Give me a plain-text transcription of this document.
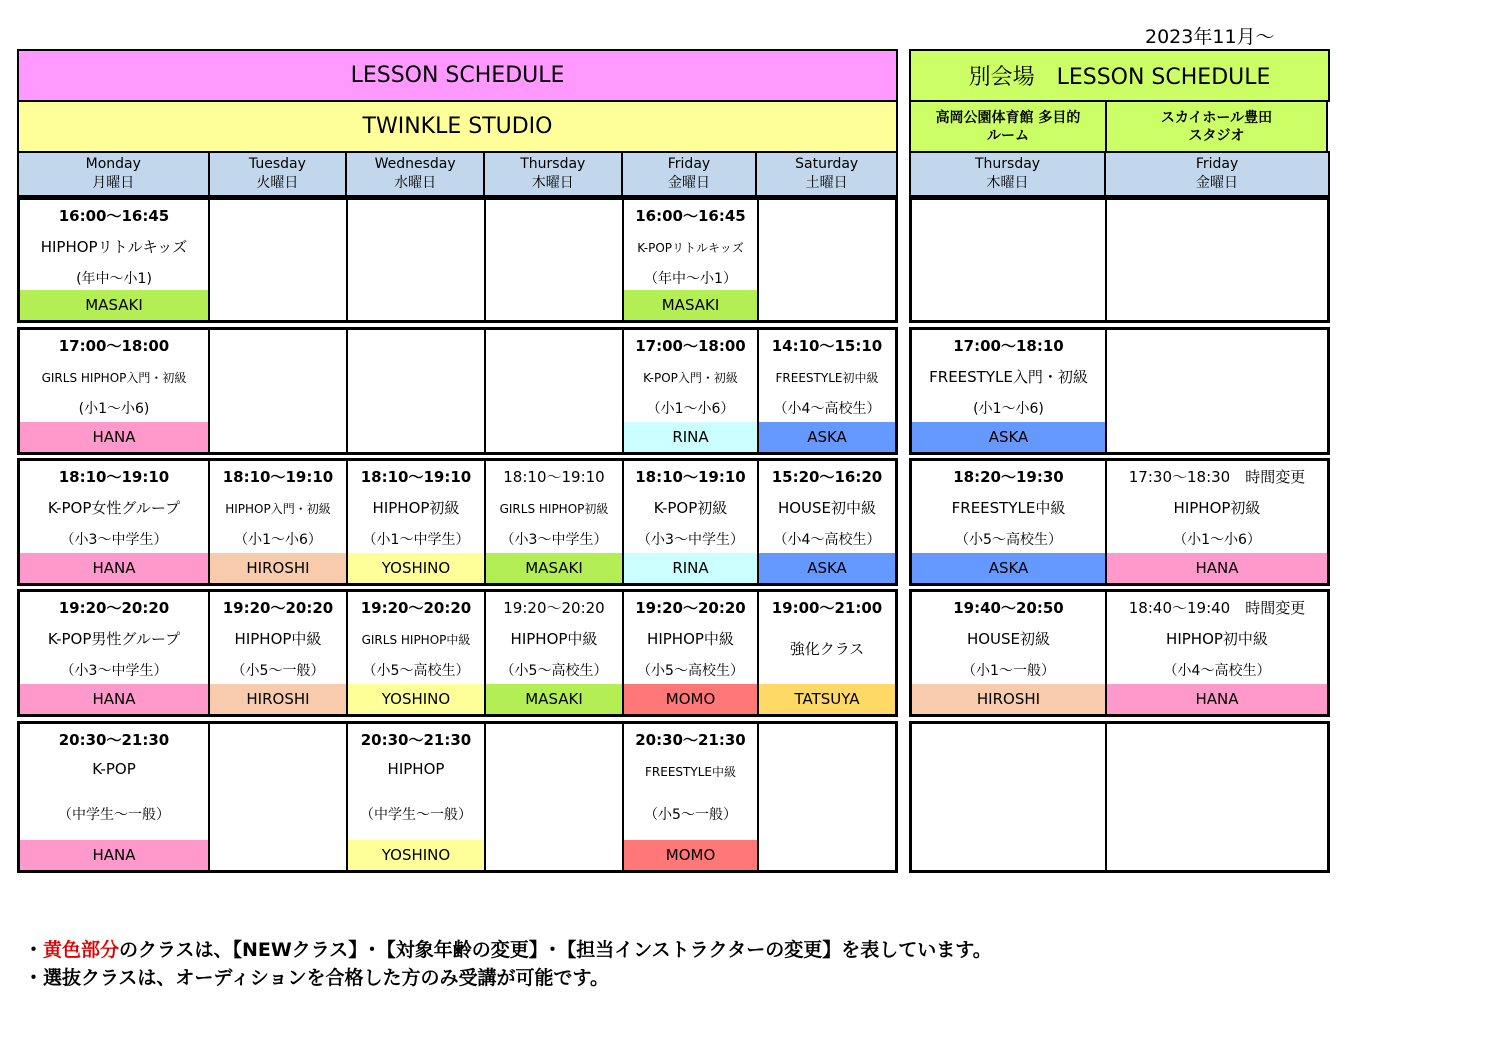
2023年11月～
・黄色部分のクラスは、【NEWクラス】･【対象年齢の変更】･【担当インストラクターの変更】を表しています。
・選抜クラスは、オーディションを合格した方のみ受講が可能です。
LESSON SCHEDULE
TWINKLE STUDIO
Monday
月曜日
Tuesday
火曜日
Wednesday
水曜日
Thursday
木曜日
Friday
金曜日
Saturday
土曜日
16:00～16:45
HIPHOPリトルキッズ
(年中～小1)
MASAKI
16:00～16:45
K-POPリトルキッズ
（年中～小1）
MASAKI
17:00～18:00
GIRLS HIPHOP入門・初級
(小1～小6)
HANA
17:00～18:00
K-POP入門・初級
（小1～小6）
RINA
14:10～15:10
FREESTYLE初中級
（小4～高校生）
ASKA
18:10～19:10
K-POP女性グループ
（小3～中学生）
HANA
18:10～19:10
HIPHOP入門・初級
（小1～小6）
HIROSHI
18:10～19:10
HIPHOP初級
（小1～中学生）
YOSHINO
18:10～19:10
GIRLS HIPHOP初級
（小3～中学生）
MASAKI
18:10～19:10
K-POP初級
（小3～中学生）
RINA
15:20～16:20
HOUSE初中級
（小4～高校生）
ASKA
19:20～20:20
K-POP男性グループ
（小3～中学生）
HANA
19:20～20:20
HIPHOP中級
（小5～一般）
HIROSHI
19:20～20:20
GIRLS HIPHOP中級
（小5～高校生）
YOSHINO
19:20～20:20
HIPHOP中級
（小5～高校生）
MASAKI
19:20～20:20
HIPHOP中級
（小5～高校生）
MOMO
19:00～21:00
強化クラス
TATSUYA
20:30～21:30
K-POP
（中学生～一般）
HANA
20:30～21:30
HIPHOP
（中学生～一般）
YOSHINO
20:30～21:30
FREESTYLE中級
（小5～一般）
MOMO
別会場　LESSON SCHEDULE
高岡公園体育館 多目的
ルーム
スカイホール豊田
スタジオ
Thursday
木曜日
Friday
金曜日
17:00～18:10
FREESTYLE入門・初級
(小1～小6)
ASKA
18:20～19:30
FREESTYLE中級
（小5～高校生）
ASKA
17:30～18:30　時間変更
HIPHOP初級
（小1～小6）
HANA
19:40～20:50
HOUSE初級
（小1～一般）
HIROSHI
18:40～19:40　時間変更
HIPHOP初中級
（小4～高校生）
HANA
